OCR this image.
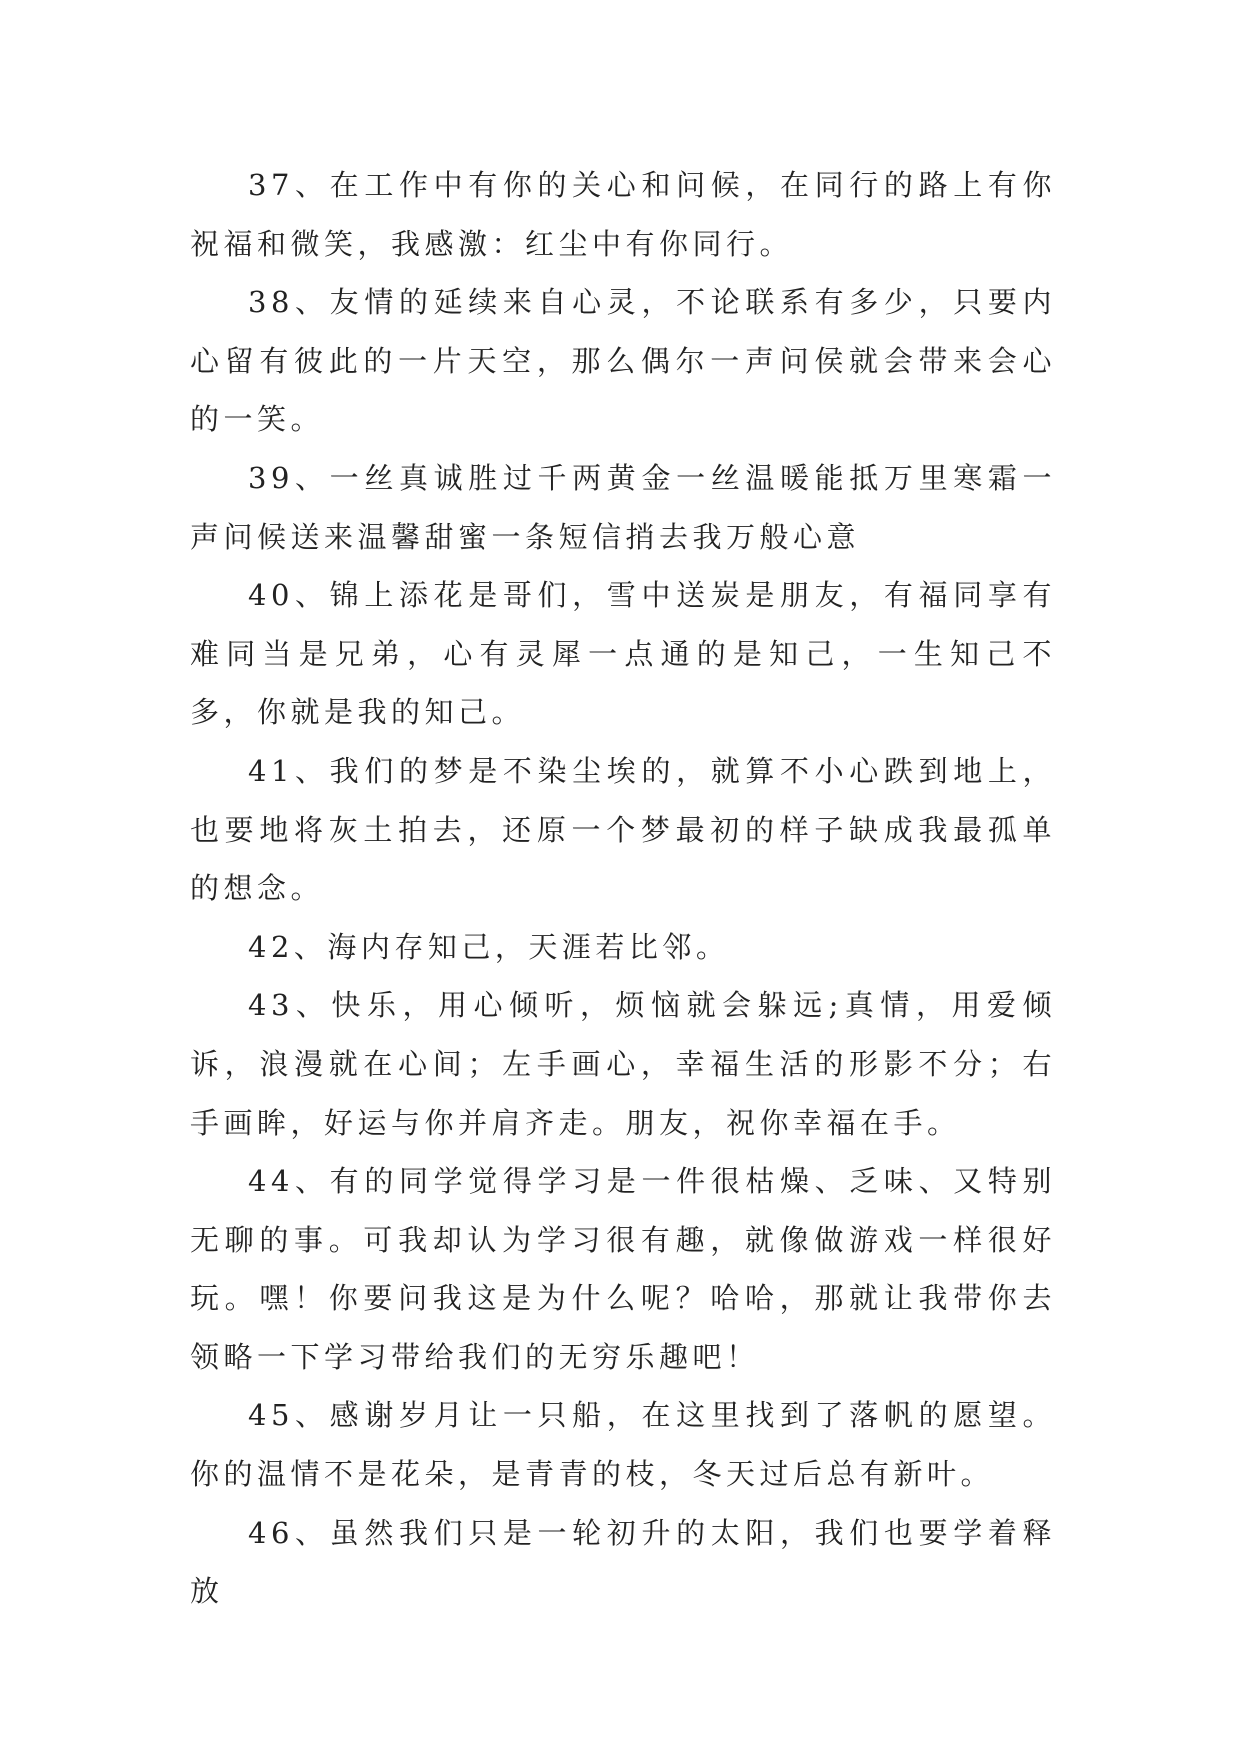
37、在工作中有你的关心和问候，在同行的路上有你祝福和微笑，我感激：红尘中有你同行。

38、友情的延续来自心灵，不论联系有多少，只要内心留有彼此的一片天空，那么偶尔一声问侯就会带来会心的一笑。

39、一丝真诚胜过千两黄金一丝温暖能抵万里寒霜一声问候送来温馨甜蜜一条短信捎去我万般心意

40、锦上添花是哥们，雪中送炭是朋友，有福同享有难同当是兄弟，心有灵犀一点通的是知己，一生知己不多，你就是我的知己。

41、我们的梦是不染尘埃的，就算不小心跌到地上，也要地将灰土拍去，还原一个梦最初的样子缺成我最孤单的想念。

42、海内存知己，天涯若比邻。

43、快乐，用心倾听，烦恼就会躲远;真情，用爱倾诉，浪漫就在心间；左手画心，幸福生活的形影不分；右手画眸，好运与你并肩齐走。朋友，祝你幸福在手。

44、有的同学觉得学习是一件很枯燥、乏味、又特别无聊的事。可我却认为学习很有趣，就像做游戏一样很好玩。嘿！你要问我这是为什么呢？哈哈，那就让我带你去领略一下学习带给我们的无穷乐趣吧！

45、感谢岁月让一只船，在这里找到了落帆的愿望。你的温情不是花朵，是青青的枝，冬天过后总有新叶。

46、虽然我们只是一轮初升的太阳，我们也要学着释放
